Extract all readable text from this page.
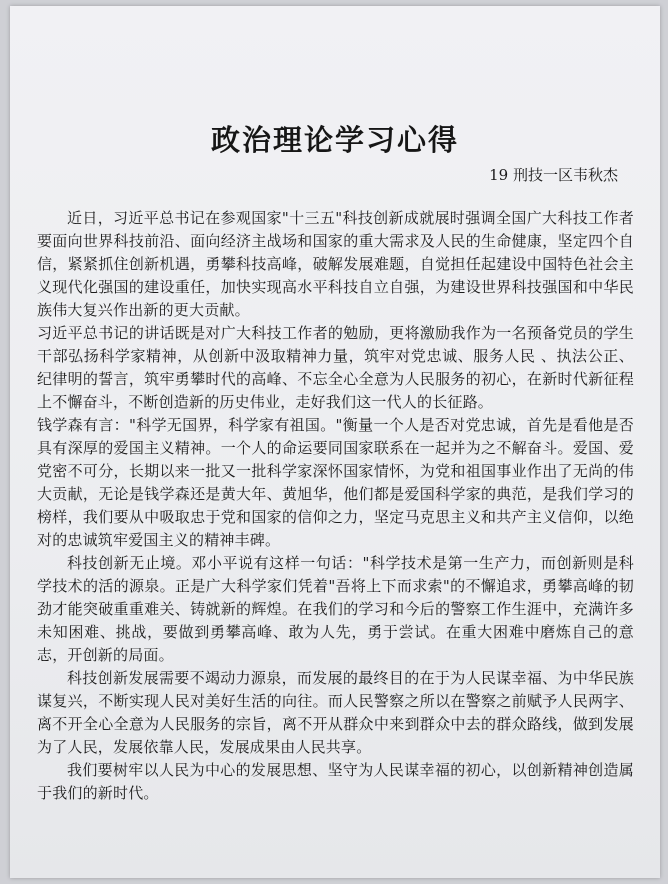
政治理论学习心得

19 刑技一区韦秋杰

近日，习近平总书记在参观国家"十三五"科技创新成就展时强调全国广大科技工作者要面向世界科技前沿、面向经济主战场和国家的重大需求及人民的生命健康，坚定四个自信，紧紧抓住创新机遇，勇攀科技高峰，破解发展难题，自觉担任起建设中国特色社会主义现代化强国的建设重任，加快实现高水平科技自立自强，为建设世界科技强国和中华民族伟大复兴作出新的更大贡献。

习近平总书记的讲话既是对广大科技工作者的勉励，更将激励我作为一名预备党员的学生干部弘扬科学家精神，从创新中汲取精神力量，筑牢对党忠诚、服务人民 、执法公正、纪律明的誓言，筑牢勇攀时代的高峰、不忘全心全意为人民服务的初心，在新时代新征程上不懈奋斗，不断创造新的历史伟业，走好我们这一代人的长征路。

钱学森有言："科学无国界，科学家有祖国。"衡量一个人是否对党忠诚，首先是看他是否具有深厚的爱国主义精神。一个人的命运要同国家联系在一起并为之不解奋斗。爱国、爱党密不可分，长期以来一批又一批科学家深怀国家情怀，为党和祖国事业作出了无尚的伟大贡献，无论是钱学森还是黄大年、黄旭华，他们都是爱国科学家的典范，是我们学习的榜样，我们要从中吸取忠于党和国家的信仰之力，坚定马克思主义和共产主义信仰，以绝对的忠诚筑牢爱国主义的精神丰碑。

科技创新无止境。邓小平说有这样一句话："科学技术是第一生产力，而创新则是科学技术的活的源泉。正是广大科学家们凭着"吾将上下而求索"的不懈追求，勇攀高峰的韧劲才能突破重重难关、铸就新的辉煌。在我们的学习和今后的警察工作生涯中，充满许多未知困难、挑战，要做到勇攀高峰、敢为人先，勇于尝试。在重大困难中磨炼自己的意志，开创新的局面。

科技创新发展需要不竭动力源泉，而发展的最终目的在于为人民谋幸福、为中华民族谋复兴，不断实现人民对美好生活的向往。而人民警察之所以在警察之前赋予人民两字、离不开全心全意为人民服务的宗旨，离不开从群众中来到群众中去的群众路线，做到发展为了人民，发展依靠人民，发展成果由人民共享。

我们要树牢以人民为中心的发展思想、坚守为人民谋幸福的初心，以创新精神创造属于我们的新时代。
